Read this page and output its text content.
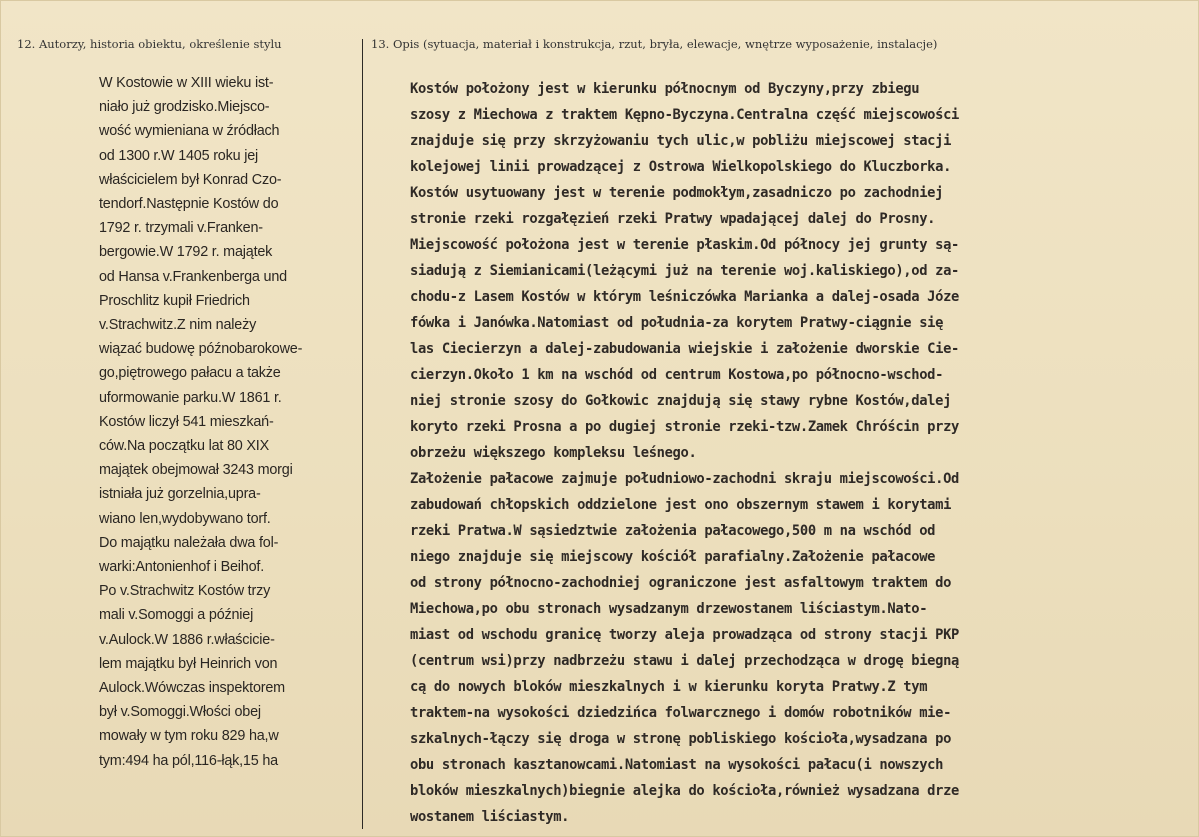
12. Autorzy, historia obiektu, określenie stylu	13. Opis (sytuacja, materiał i konstrukcja, rzut, bryła, elewacje, wnętrze wyposażenie, instalacje)
W Kostowie w XIII wieku ist-
niało już grodzisko.Miejsco-
wość wymieniana w źródłach
od 1300 r.W 1405 roku jej
właścicielem był Konrad Czo-
tendorf.Następnie Kostów do
1792 r. trzymali v.Franken-
bergowie.W 1792 r. majątek
od Hansa v.Frankenberga und
Proschlitz kupił Friedrich
v.Strachwitz.Z nim należy
wiązać budowę późnobarokowe-
go,piętrowego pałacu a także
uformowanie parku.W 1861 r.
Kostów liczył 541 mieszkań-
ców.Na początku lat 80 XIX
majątek obejmował 3243 morgi
istniała już gorzelnia,upra-
wiano len,wydobywano torf.
Do majątku należała dwa fol-
warki:Antonienhof i Beihof.
Po v.Strachwitz Kostów trzy
mali v.Somoggi a później
v.Aulock.W 1886 r.właściciе-
lem majątku był Heinrich von
Aulock.Wówczas inspektorem
był v.Somoggi.Włości obej
mowały w tym roku 829 ha,w
tym:494 ha pól,116-łąk,15 ha
Kostów położony jest w kierunku północnym od Byczyny,przy zbiegu
szosy z Miechowa z traktem Kępno-Byczyna.Centralna część miejscowości
znajduje się przy skrzyżowaniu tych ulic,w pobliżu miejscowej stacji
kolejowej linii prowadzącej z Ostrowa Wielkopolskiego do Kluczborka.
Kostów usytuowany jest w terenie podmokłym,zasadniczo po zachodniej
stronie rzeki rozgałęzień rzeki Pratwy wpadającej dalej do Prosny.
Miejscowość położona jest w terenie płaskim.Od północy jej grunty są-
siadują z Siemianicami(leżącymi już na terenie woj.kaliskiego),od za-
chodu-z Lasem Kostów w którym leśniczówka Marianka a dalej-osada Józe
fówka i Janówka.Natomiast od południa-za korytem Pratwy-ciągnie się
las Ciecierzyn a dalej-zabudowania wiejskie i założenie dworskie Cie-
cierzyn.Około 1 km na wschód od centrum Kostowa,po północno-wschod-
niej stronie szosy do Gołkowic znajdują się stawy rybne Kostów,dalej
koryto rzeki Prosna a po dugiej stronie rzeki-tzw.Zamek Chróścin przy
obrzeżu większego kompleksu leśnego.
Założenie pałacowe zajmuje południowo-zachodni skraju miejscowości.Od
zabudowań chłopskich oddzielone jest ono obszernym stawem i korytami
rzeki Pratwa.W sąsiedztwie założenia pałacowego,500 m na wschód od
niego znajduje się miejscowy kościół parafialny.Założenie pałacowe
od strony północno-zachodniej ograniczone jest asfaltowym traktem do
Miechowa,po obu stronach wysadzanym drzewostanem liściastym.Nato-
miast od wschodu granicę tworzy aleja prowadząca od strony stacji PKP
(centrum wsi)przy nadbrzeżu stawu i dalej przechodząca w drogę biegną
cą do nowych bloków mieszkalnych i w kierunku koryta Pratwy.Z tym
traktem-na wysokości dziedzińca folwarcznego i domów robotników mie-
szkalnych-łączy się droga w stronę pobliskiego kościoła,wysadzana po
obu stronach kasztanowcami.Natomiast na wysokości pałacu(i nowszych
bloków mieszkalnych)biegnie alejka do kościoła,również wysadzana drze
wostanem liściastym.
